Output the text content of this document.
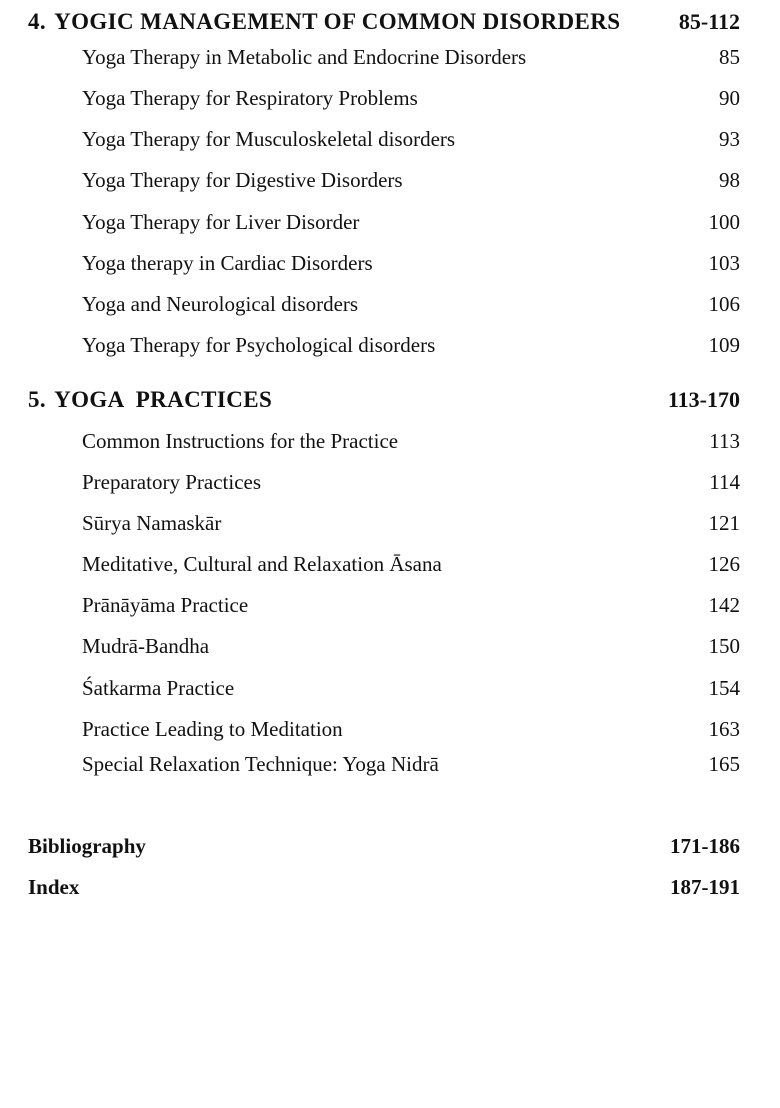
4. YOGIC MANAGEMENT OF COMMON DISORDERS	85-112
Yoga Therapy in Metabolic and Endocrine Disorders	85
Yoga Therapy for Respiratory Problems	90
Yoga Therapy for Musculoskeletal disorders	93
Yoga Therapy for Digestive Disorders	98
Yoga Therapy for Liver Disorder	100
Yoga therapy in Cardiac Disorders	103
Yoga and Neurological disorders	106
Yoga Therapy for Psychological disorders	109
5. YOGA  PRACTICES	113-170
Common Instructions for the Practice	113
Preparatory Practices	114
Sūrya Namaskār	121
Meditative, Cultural and Relaxation Āsana	126
Prānāyāma Practice	142
Mudrā-Bandha	150
Śatkarma Practice	154
Practice Leading to Meditation	163
Special Relaxation Technique: Yoga Nidrā	165
Bibliography	171-186
Index	187-191
